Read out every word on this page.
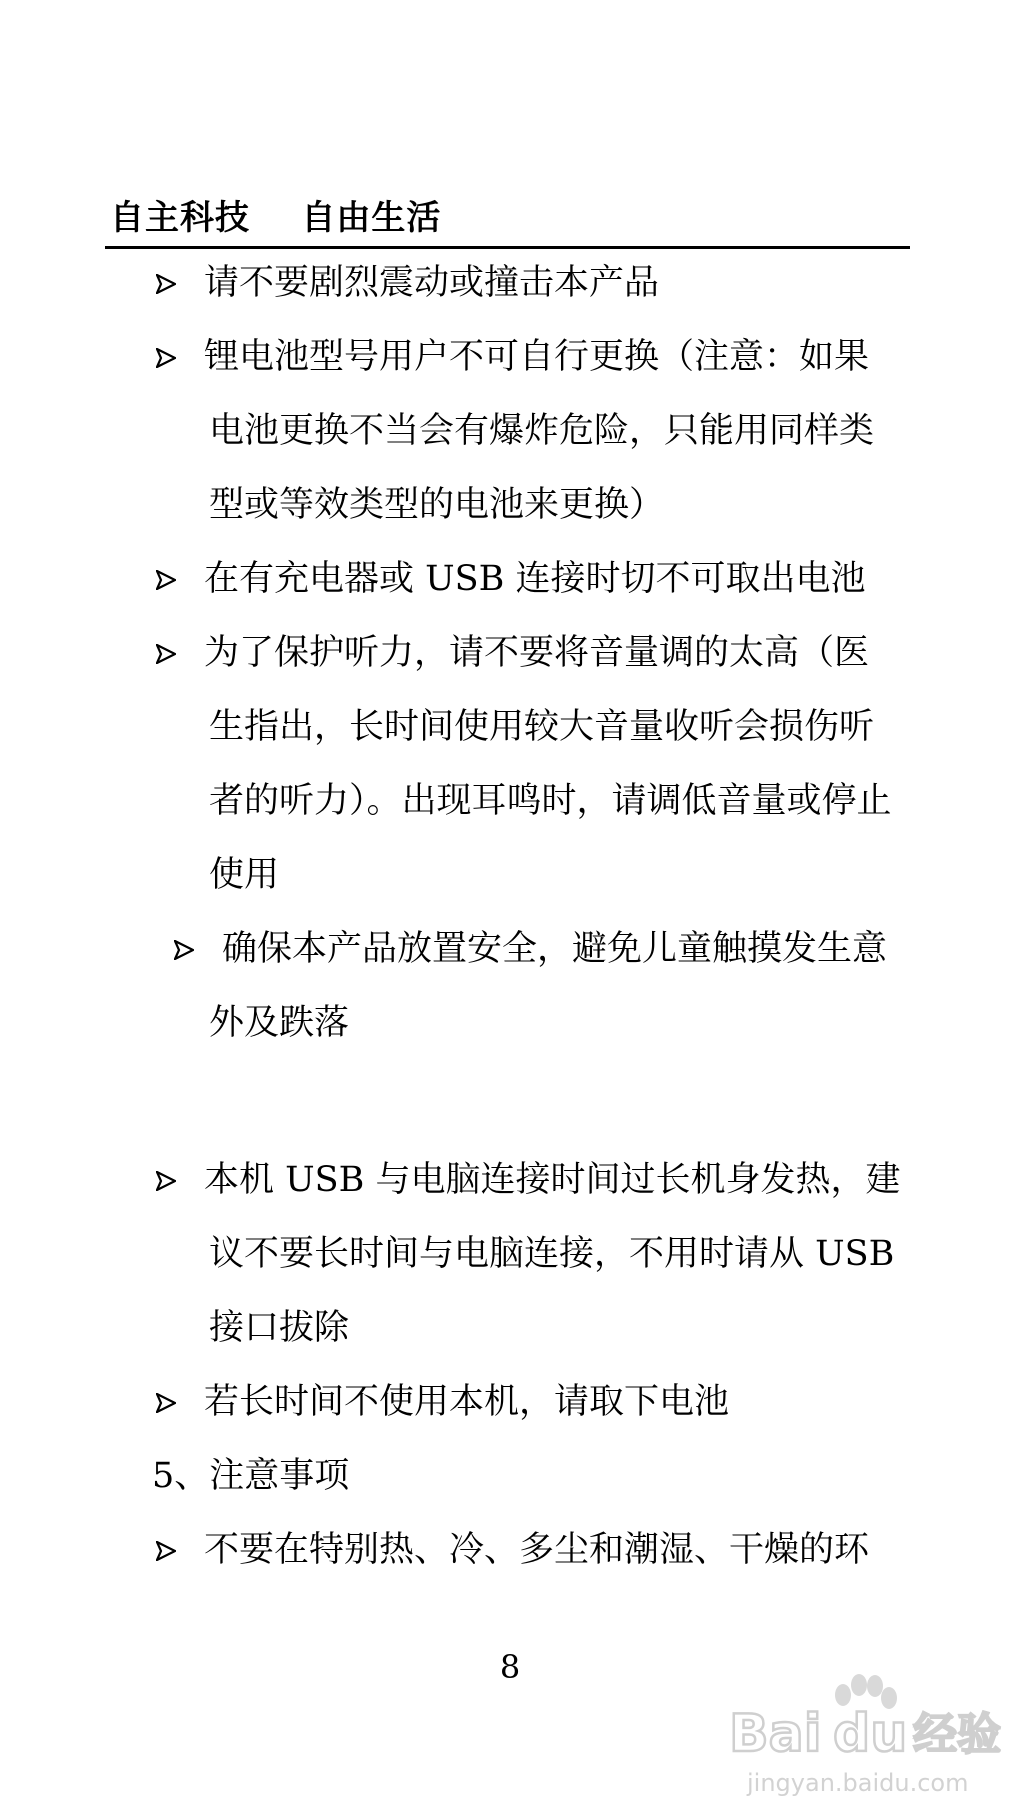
自主科技    自由生活
请不要剧烈震动或撞击本产品
锂电池型号用户不可自行更换（注意：如果
电池更换不当会有爆炸危险，只能用同样类
型或等效类型的电池来更换）
在有充电器或 USB 连接时切不可取出电池
为了保护听力，请不要将音量调的太高（医
生指出，长时间使用较大音量收听会损伤听
者的听力）。出现耳鸣时，请调低音量或停止
使用
确保本产品放置安全，避免儿童触摸发生意
外及跌落
本机 USB 与电脑连接时间过长机身发热，建
议不要长时间与电脑连接，不用时请从 USB
接口拔除
若长时间不使用本机，请取下电池
5、注意事项
不要在特别热、冷、多尘和潮湿、干燥的环
8
Bai du 经验
jingyan.baidu.com
